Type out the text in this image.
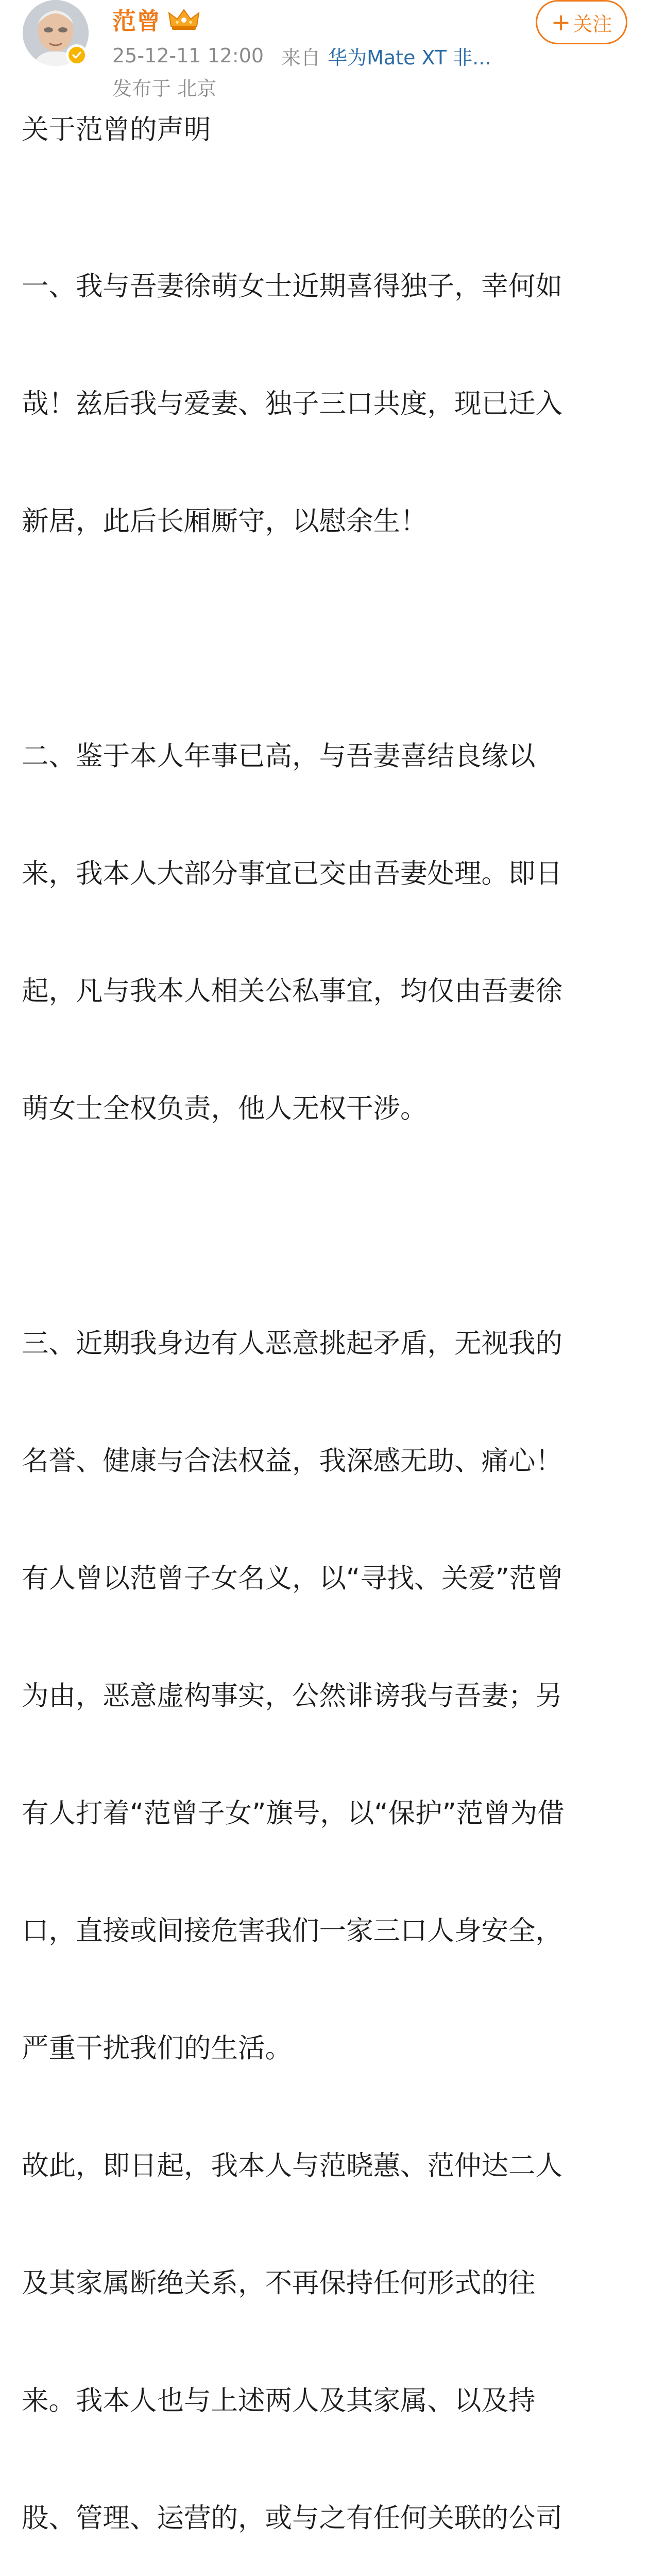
范曾
25-12-11 12:00 来自 华为Mate XT 非...
发布于 北京
+ 关注

关于范曾的声明

一、我与吾妻徐萌女士近期喜得独子，幸何如

哉！兹后我与爱妻、独子三口共度，现已迁入

新居，此后长厢厮守，以慰余生！

二、鉴于本人年事已高，与吾妻喜结良缘以

来，我本人大部分事宜已交由吾妻处理。即日

起，凡与我本人相关公私事宜，均仅由吾妻徐

萌女士全权负责，他人无权干涉。

三、近期我身边有人恶意挑起矛盾，无视我的

名誉、健康与合法权益，我深感无助、痛心！

有人曾以范曾子女名义，以“寻找、关爱”范曾

为由，恶意虚构事实，公然诽谤我与吾妻；另

有人打着“范曾子女”旗号，以“保护”范曾为借

口，直接或间接危害我们一家三口人身安全，

严重干扰我们的生活。

故此，即日起，我本人与范晓蕙、范仲达二人

及其家属断绝关系，不再保持任何形式的往

来。我本人也与上述两人及其家属、以及持

股、管理、运营的，或与之有任何关联的公司
